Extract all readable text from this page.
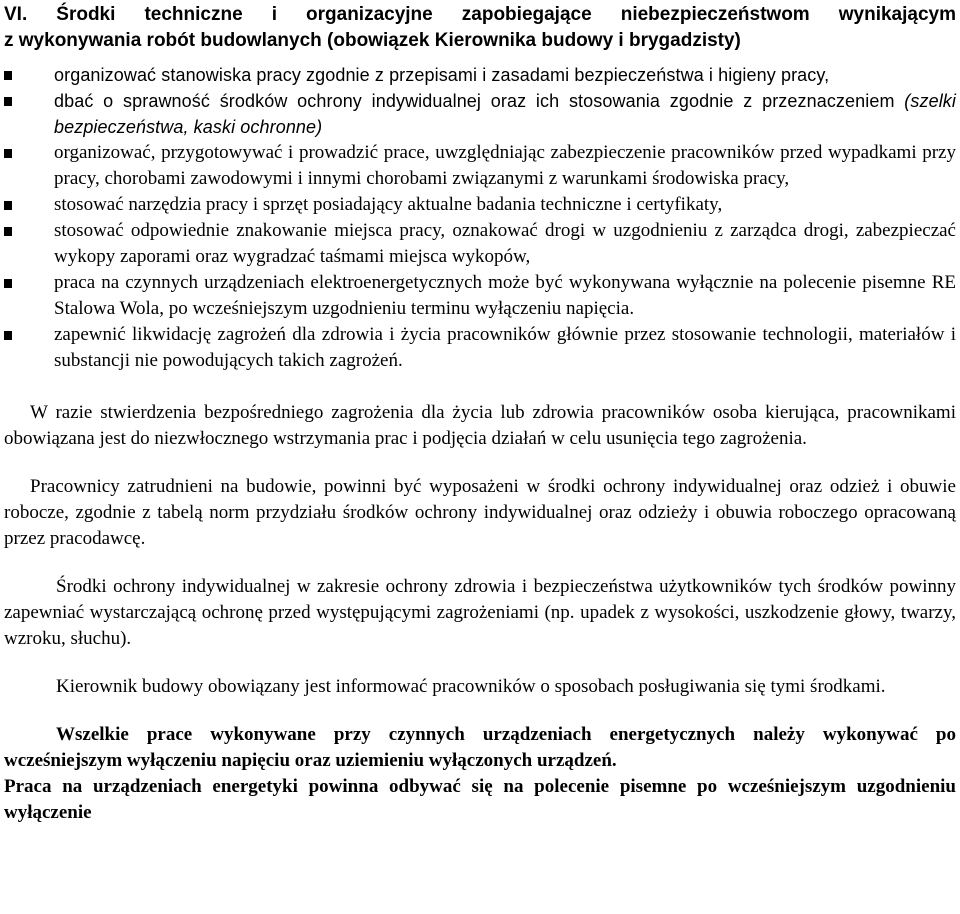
VI. Środki techniczne i organizacyjne zapobiegające niebezpieczeństwom wynikającym
z wykonywania robót budowlanych (obowiązek Kierownika budowy i brygadzisty)
organizować stanowiska pracy zgodnie z przepisami i zasadami bezpieczeństwa i higieny pracy,
dbać o sprawność środków ochrony indywidualnej oraz ich stosowania zgodnie z przeznaczeniem (szelki bezpieczeństwa, kaski ochronne)
organizować, przygotowywać i prowadzić prace, uwzględniając zabezpieczenie pracowników przed wypadkami przy pracy, chorobami zawodowymi i innymi chorobami związanymi z warunkami środowiska pracy,
stosować narzędzia pracy i sprzęt posiadający aktualne badania techniczne i certyfikaty,
stosować odpowiednie znakowanie miejsca pracy, oznakować drogi w uzgodnieniu z zarządca drogi, zabezpieczać wykopy zaporami oraz wygradzać taśmami miejsca wykopów,
praca na czynnych urządzeniach elektroenergetycznych może być wykonywana wyłącznie na polecenie pisemne RE Stalowa Wola, po wcześniejszym uzgodnieniu terminu wyłączeniu napięcia.
zapewnić likwidację zagrożeń dla zdrowia i życia pracowników głównie przez stosowanie technologii, materiałów i substancji nie powodujących takich zagrożeń.

W razie stwierdzenia bezpośredniego zagrożenia dla życia lub zdrowia pracowników osoba kierująca, pracownikami obowiązana jest do niezwłocznego wstrzymania prac i podjęcia działań w celu usunięcia tego zagrożenia.

Pracownicy zatrudnieni na budowie, powinni być wyposażeni w środki ochrony indywidualnej oraz odzież i obuwie robocze, zgodnie z tabelą norm przydziału środków ochrony indywidualnej oraz odzieży i obuwia roboczego opracowaną przez pracodawcę.

Środki ochrony indywidualnej w zakresie ochrony zdrowia i bezpieczeństwa użytkowników tych środków powinny zapewniać wystarczającą ochronę przed występującymi zagrożeniami (np. upadek z wysokości, uszkodzenie głowy, twarzy, wzroku, słuchu).

Kierownik budowy obowiązany jest informować pracowników o sposobach posługiwania się tymi środkami.

Wszelkie prace wykonywane przy czynnych urządzeniach energetycznych należy wykonywać po wcześniejszym wyłączeniu napięciu oraz uziemieniu wyłączonych urządzeń.

Praca na urządzeniach energetyki powinna odbywać się na polecenie pisemne po wcześniejszym uzgodnieniu wyłączenie
